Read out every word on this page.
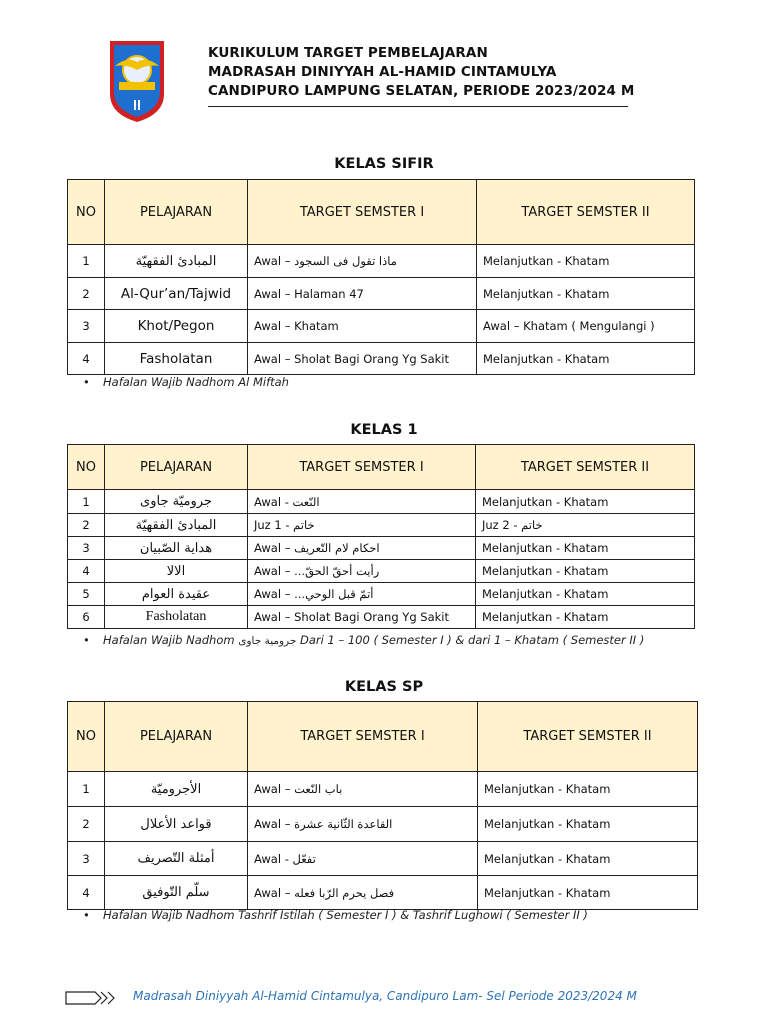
KURIKULUM TARGET PEMBELAJARAN
MADRASAH DINIYYAH AL-HAMID CINTAMULYA
CANDIPURO LAMPUNG SELATAN, PERIODE 2023/2024 M
KELAS SIFIR
NO	PELAJARAN	TARGET SEMSTER I	TARGET SEMSTER II
1	المبادئ الفقهيّة	Awal – ماذا تقول فى السجود	Melanjutkan - Khatam
2	Al-Qur’an/Tajwid	Awal – Halaman 47	Melanjutkan - Khatam
3	Khot/Pegon	Awal – Khatam	Awal – Khatam ( Mengulangi )
4	Fasholatan	Awal – Sholat Bagi Orang Yg Sakit	Melanjutkan - Khatam
• Hafalan Wajib Nadhom Al Miftah
KELAS 1
NO	PELAJARAN	TARGET SEMSTER I	TARGET SEMSTER II
1	جروميّة جاوى	Awal - النّعت	Melanjutkan - Khatam
2	المبادئ الفقهيّة	Juz 1 - خاتم	Juz 2 - خاتم
3	هداية الصّبيان	Awal – احكام لام التّعريف	Melanjutkan - Khatam
4	الالا	Awal – رأيت أحقّ الحقّ...	Melanjutkan - Khatam
5	عقيدة العوام	Awal – أتمّ قبل الوحي...	Melanjutkan - Khatam
6	Fasholatan	Awal – Sholat Bagi Orang Yg Sakit	Melanjutkan - Khatam
• Hafalan Wajib Nadhom جرومية جاوى Dari 1 – 100 ( Semester I ) & dari 1 – Khatam ( Semester II )
KELAS SP
NO	PELAJARAN	TARGET SEMSTER I	TARGET SEMSTER II
1	الأجروميّة	Awal – باب النّعت	Melanjutkan - Khatam
2	قواعد الأعلال	Awal – القاعدة الثّانية عشرة	Melanjutkan - Khatam
3	أمثلة التّصريف	Awal - تفعّل	Melanjutkan - Khatam
4	سلّم التّوفيق	Awal – فصل يحرم الرّبا فعله	Melanjutkan - Khatam
• Hafalan Wajib Nadhom Tashrif Istilah ( Semester I ) & Tashrif Lughowi ( Semester II )
Madrasah Diniyyah Al-Hamid Cintamulya, Candipuro Lam- Sel Periode 2023/2024 M
